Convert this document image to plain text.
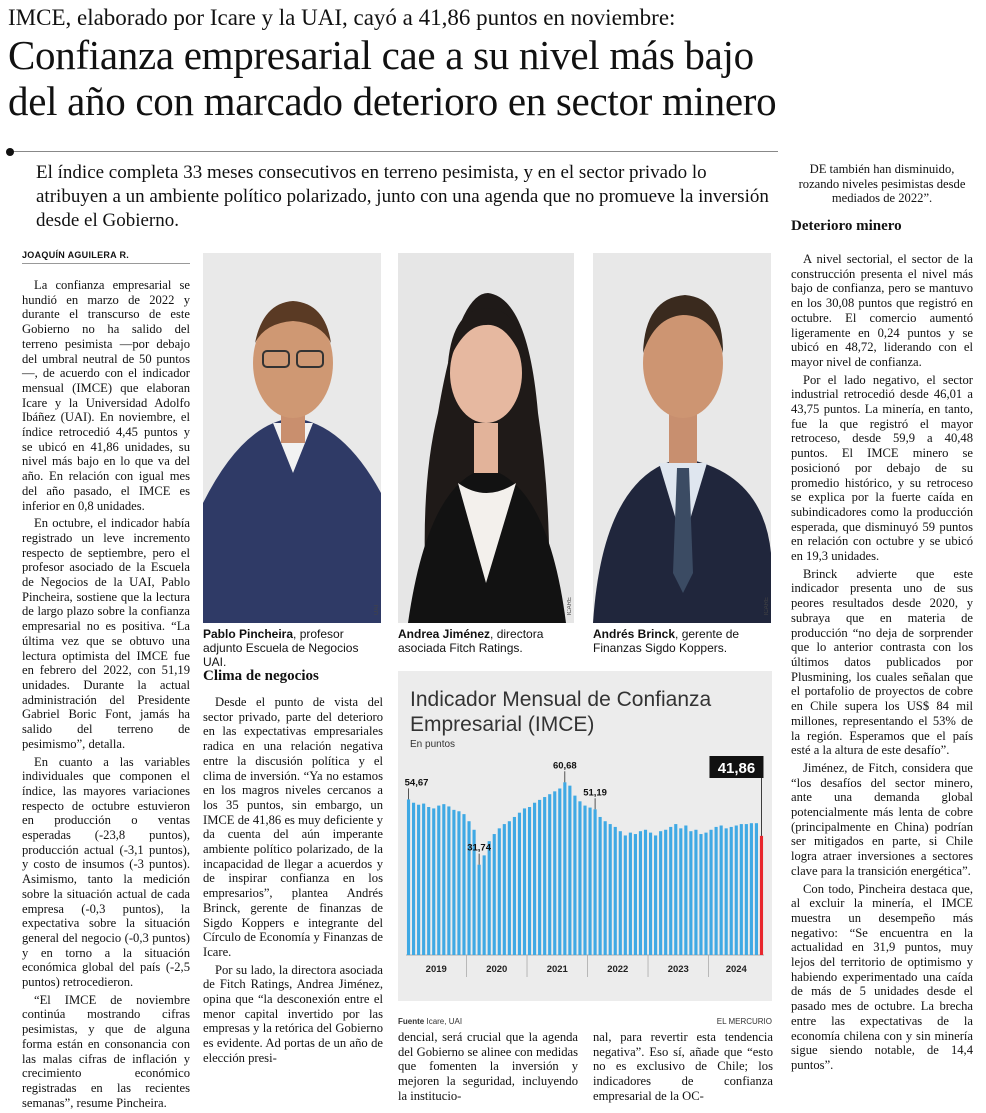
IMCE, elaborado por Icare y la UAI, cayó a 41,86 puntos en noviembre:
Confianza empresarial cae a su nivel más bajo
del año con marcado deterioro en sector minero
El índice completa 33 meses consecutivos en terreno pesimista, y en el sector privado lo atribuyen a un ambiente político polarizado, junto con una agenda que no promueve la inversión desde el Gobierno.
JOAQUÍN AGUILERA R.

La confianza empresarial se hundió en marzo de 2022 y durante el transcurso de este Gobierno no ha salido del terreno pesimista —por debajo del umbral neutral de 50 puntos—, de acuerdo con el indicador mensual (IMCE) que elaboran Icare y la Universidad Adolfo Ibáñez (UAI). En noviembre, el índice retrocedió 4,45 puntos y se ubicó en 41,86 unidades, su nivel más bajo en lo que va del año. En relación con igual mes del año pasado, el IMCE es inferior en 0,8 unidades.

En octubre, el indicador había registrado un leve incremento respecto de septiembre, pero el profesor asociado de la Escuela de Negocios de la UAI, Pablo Pincheira, sostiene que la lectura de largo plazo sobre la confianza empresarial no es positiva. “La última vez que se obtuvo una lectura optimista del IMCE fue en febrero del 2022, con 51,19 unidades. Durante la actual administración del Presidente Gabriel Boric Font, jamás ha salido del terreno de pesimismo”, detalla.

En cuanto a las variables individuales que componen el índice, las mayores variaciones respecto de octubre estuvieron en producción o ventas esperadas (-23,8 puntos), producción actual (-3,1 puntos), y costo de insumos (-3 puntos). Asimismo, tanto la medición sobre la situación actual de cada empresa (-0,3 puntos), la expectativa sobre la situación general del negocio (-0,3 puntos) y en torno a la situación económica global del país (-2,5 puntos) retrocedieron.

“El IMCE de noviembre continúa mostrando cifras pesimistas, y que de alguna forma están en consonancia con las malas cifras de inflación y crecimiento económico registradas en las recientes semanas”, resume Pincheira.

UAI	ICARE	ICARE
Pablo Pincheira, profesor adjunto Escuela de Negocios UAI.
Andrea Jiménez, directora asociada Fitch Ratings.
Andrés Brinck, gerente de Finanzas Sigdo Koppers.
Clima de negocios

Desde el punto de vista del sector privado, parte del deterioro en las expectativas empresariales radica en una relación negativa entre la discusión política y el clima de inversión. “Ya no estamos en los magros niveles cercanos a los 35 puntos, sin embargo, un IMCE de 41,86 es muy deficiente y da cuenta del aún imperante ambiente político polarizado, de la incapacidad de llegar a acuerdos y de inspirar confianza en los empresarios”, plantea Andrés Brinck, gerente de finanzas de Sigdo Koppers e integrante del Círculo de Economía y Finanzas de Icare.

Por su lado, la directora asociada de Fitch Ratings, Andrea Jiménez, opina que “la desconexión entre el menor capital invertido por las empresas y la retórica del Gobierno es evidente. Ad portas de un año de elección presi-

Indicador Mensual de Confianza Empresarial (IMCE)
En puntos
54,67
31,74
60,68
51,19
41,86
2019	2020	2021	2022	2023	2024
Fuente Icare, UAI	EL MERCURIO
dencial, será crucial que la agenda del Gobierno se alinee con medidas que fomenten la inversión y mejoren la seguridad, incluyendo la institucio-
nal, para revertir esta tendencia negativa”. Eso sí, añade que “esto no es exclusivo de Chile; los indicadores de confianza empresarial de la OC-
DE también han disminuido, rozando niveles pesimistas desde mediados de 2022”.
Deterioro minero

A nivel sectorial, el sector de la construcción presenta el nivel más bajo de confianza, pero se mantuvo en los 30,08 puntos que registró en octubre. El comercio aumentó ligeramente en 0,24 puntos y se ubicó en 48,72, liderando con el mayor nivel de confianza.

Por el lado negativo, el sector industrial retrocedió desde 46,01 a 43,75 puntos. La minería, en tanto, fue la que registró el mayor retroceso, desde 59,9 a 40,48 puntos. El IMCE minero se posicionó por debajo de su promedio histórico, y su retroceso se explica por la fuerte caída en subindicadores como la producción esperada, que disminuyó 59 puntos en relación con octubre y se ubicó en 19,3 unidades.

Brinck advierte que este indicador presenta uno de sus peores resultados desde 2020, y subraya que en materia de producción “no deja de sorprender que lo anterior contrasta con los últimos datos publicados por Plusmining, los cuales señalan que el portafolio de proyectos de cobre en Chile supera los US$ 84 mil millones, representando el 53% de la región. Esperamos que el país esté a la altura de este desafío”.

Jiménez, de Fitch, considera que “los desafíos del sector minero, ante una demanda global potencialmente más lenta de cobre (principalmente en China) podrían ser mitigados en parte, si Chile logra atraer inversiones a sectores clave para la transición energética”.

Con todo, Pincheira destaca que, al excluir la minería, el IMCE muestra un desempeño más negativo: “Se encuentra en la actualidad en 31,9 puntos, muy lejos del territorio de optimismo y habiendo experimentado una caída de más de 5 unidades desde el pasado mes de octubre. La brecha entre las expectativas de la economía chilena con y sin minería sigue siendo notable, de 14,4 puntos”.
